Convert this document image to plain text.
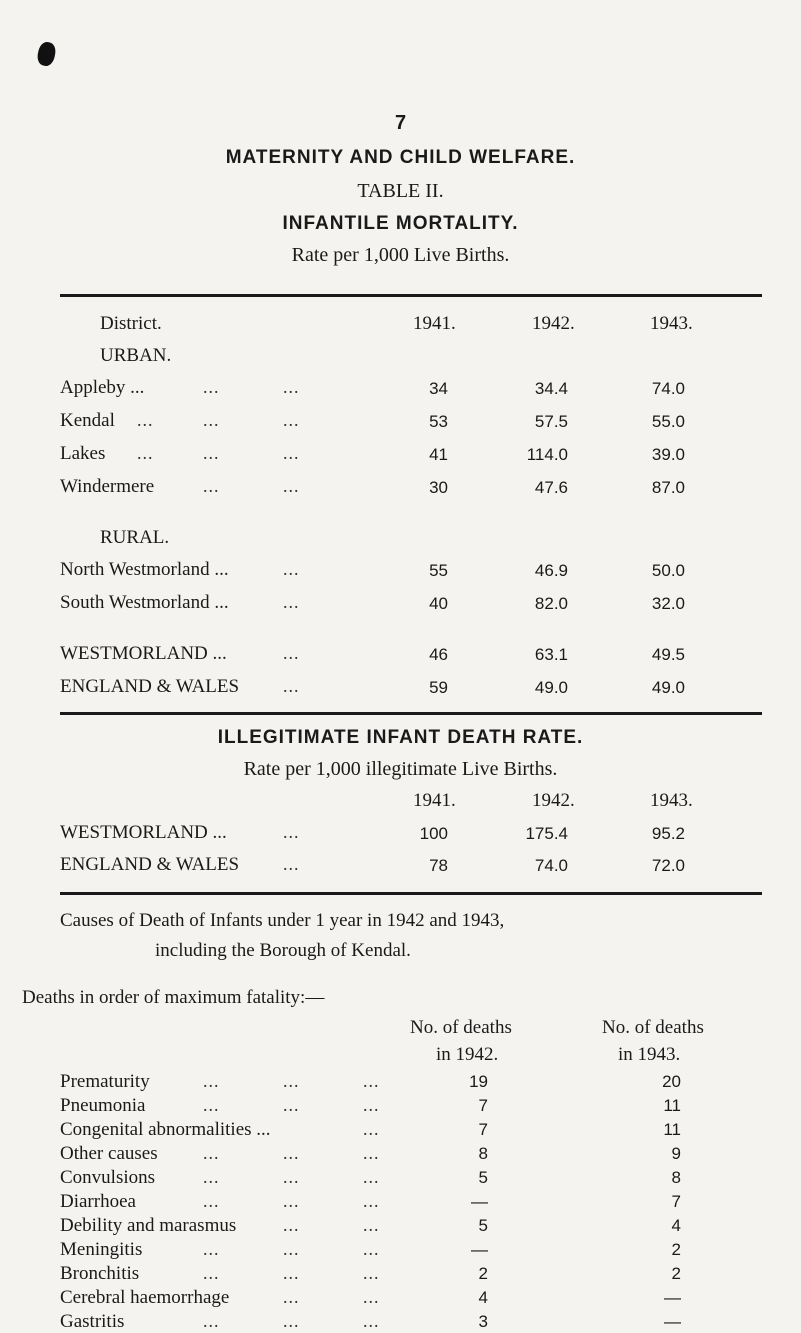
7
MATERNITY AND CHILD WELFARE.
TABLE II.
INFANTILE MORTALITY.
Rate per 1,000 Live Births.
District.	1941.	1942.	1943.
URBAN.
Appleby ...	...	...	34	34.4	74.0
Kendal ...	...	...	53	57.5	55.0
Lakes ...	...	...	41	114.0	39.0
Windermere	...	...	30	47.6	87.0
RURAL.
North Westmorland ...	...	55	46.9	50.0
South Westmorland ...	...	40	82.0	32.0
WESTMORLAND ...	...	46	63.1	49.5
ENGLAND & WALES ...	59	49.0	49.0
ILLEGITIMATE INFANT DEATH RATE.
Rate per 1,000 illegitimate Live Births.
1941.	1942.	1943.
WESTMORLAND ...	...	100	175.4	95.2
ENGLAND & WALES ...	78	74.0	72.0
Causes of Death of Infants under 1 year in 1942 and 1943,
including the Borough of Kendal.
Deaths in order of maximum fatality:—
No. of deaths
in 1942.
No. of deaths
in 1943.
Prematurity	...	...	...	19	20
Pneumonia	...	...	...	7	11
Congenital abnormalities ...	...	7	11
Other causes	...	...	...	8	9
Convulsions	...	...	...	5	8
Diarrhoea	...	...	...	—	7
Debility and marasmus	...	...	5	4
Meningitis	...	...	...	—	2
Bronchitis	...	...	...	2	2
Cerebral haemorrhage	...	...	4	—
Gastritis	...	...	...	3	—
